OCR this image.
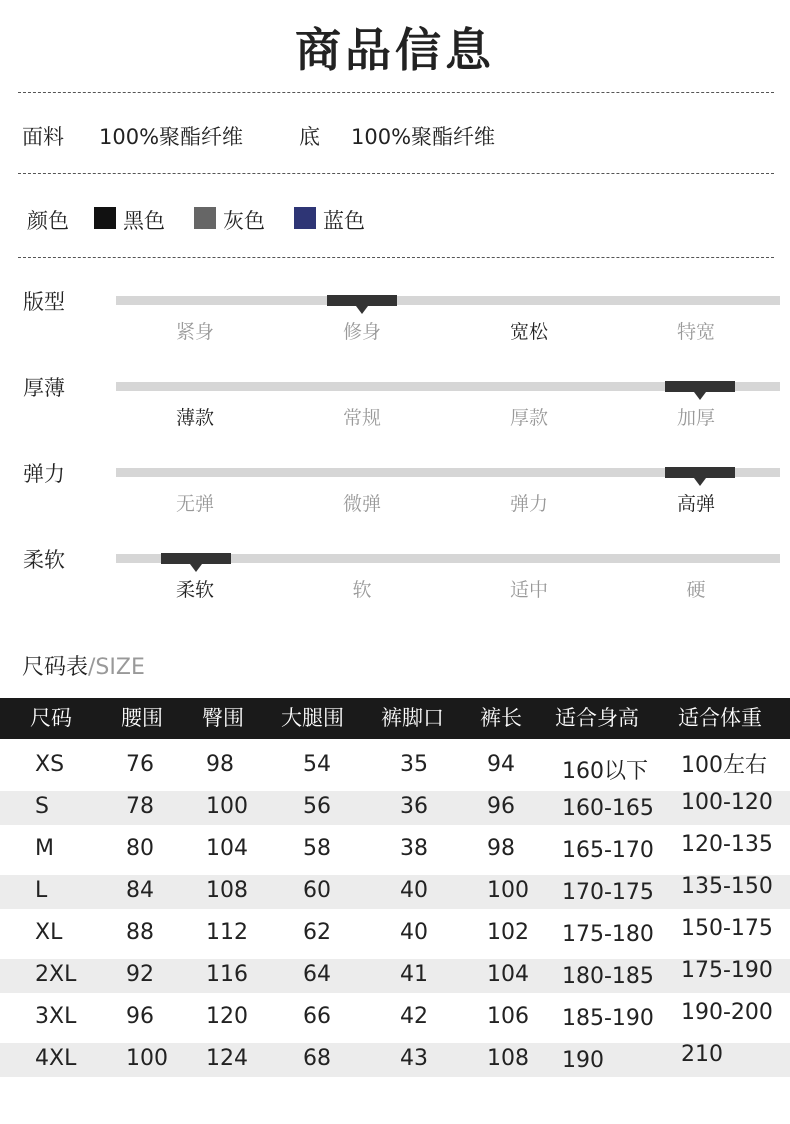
商品信息
面料 100%聚酯纤维	底 100%聚酯纤维
颜色	黑色	灰色	蓝色
版型
紧身	修身	宽松	特宽
厚薄
薄款	常规	厚款	加厚
弹力
无弹	微弹	弹力	高弹
柔软
柔软	软	适中	硬
尺码表/SIZE
尺码 腰围 臀围 大腿围 裤脚口 裤长 适合身高 适合体重
XS	76 98	54	35	94 160以下 100左右
S	78 100	56	36	96 160-165 100-120
M	80 104	58	38	98 165-170 120-135
L	84 108	60	40	100 170-175 135-150
XL	88 112	62	40	102 175-180 150-175
2XL 92 116	64	41	104 180-185 175-190
3XL 96 120	66	42	106 185-190 190-200
4XL 100 124	68	43	108 190	210
